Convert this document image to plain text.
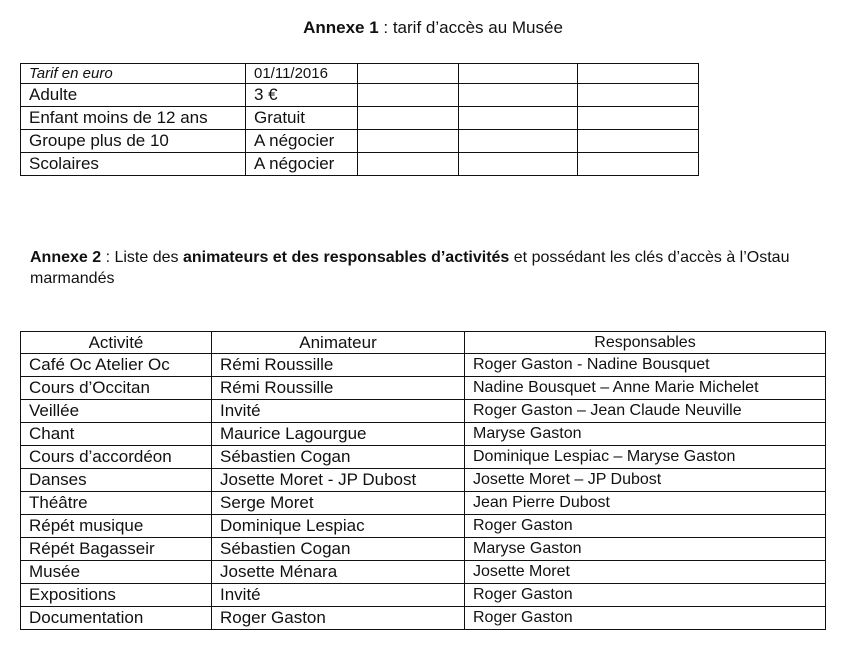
Annexe 1 : tarif d’accès au Musée
Tarif en euro	01/11/2016			
Adulte	3 €			
Enfant moins de 12 ans	Gratuit			
Groupe plus de 10	A négocier			
Scolaires	A négocier			
Annexe 2 : Liste des animateurs et des responsables d’activités et possédant les clés d’accès à l’Ostau marmandés
Activité	Animateur	Responsables
Café Oc Atelier Oc	Rémi Roussille	Roger Gaston - Nadine Bousquet
Cours d’Occitan	Rémi Roussille	Nadine Bousquet – Anne Marie Michelet
Veillée	Invité	Roger Gaston – Jean Claude Neuville
Chant	Maurice Lagourgue	Maryse Gaston
Cours d’accordéon	Sébastien Cogan	Dominique Lespiac – Maryse Gaston
Danses	Josette Moret - JP Dubost	Josette Moret – JP Dubost
Théâtre	Serge Moret	Jean Pierre Dubost
Répét musique	Dominique Lespiac	Roger Gaston
Répét Bagasseir	Sébastien Cogan	Maryse Gaston
Musée	Josette Ménara	Josette Moret
Expositions	Invité	Roger Gaston
Documentation	Roger Gaston	Roger Gaston
